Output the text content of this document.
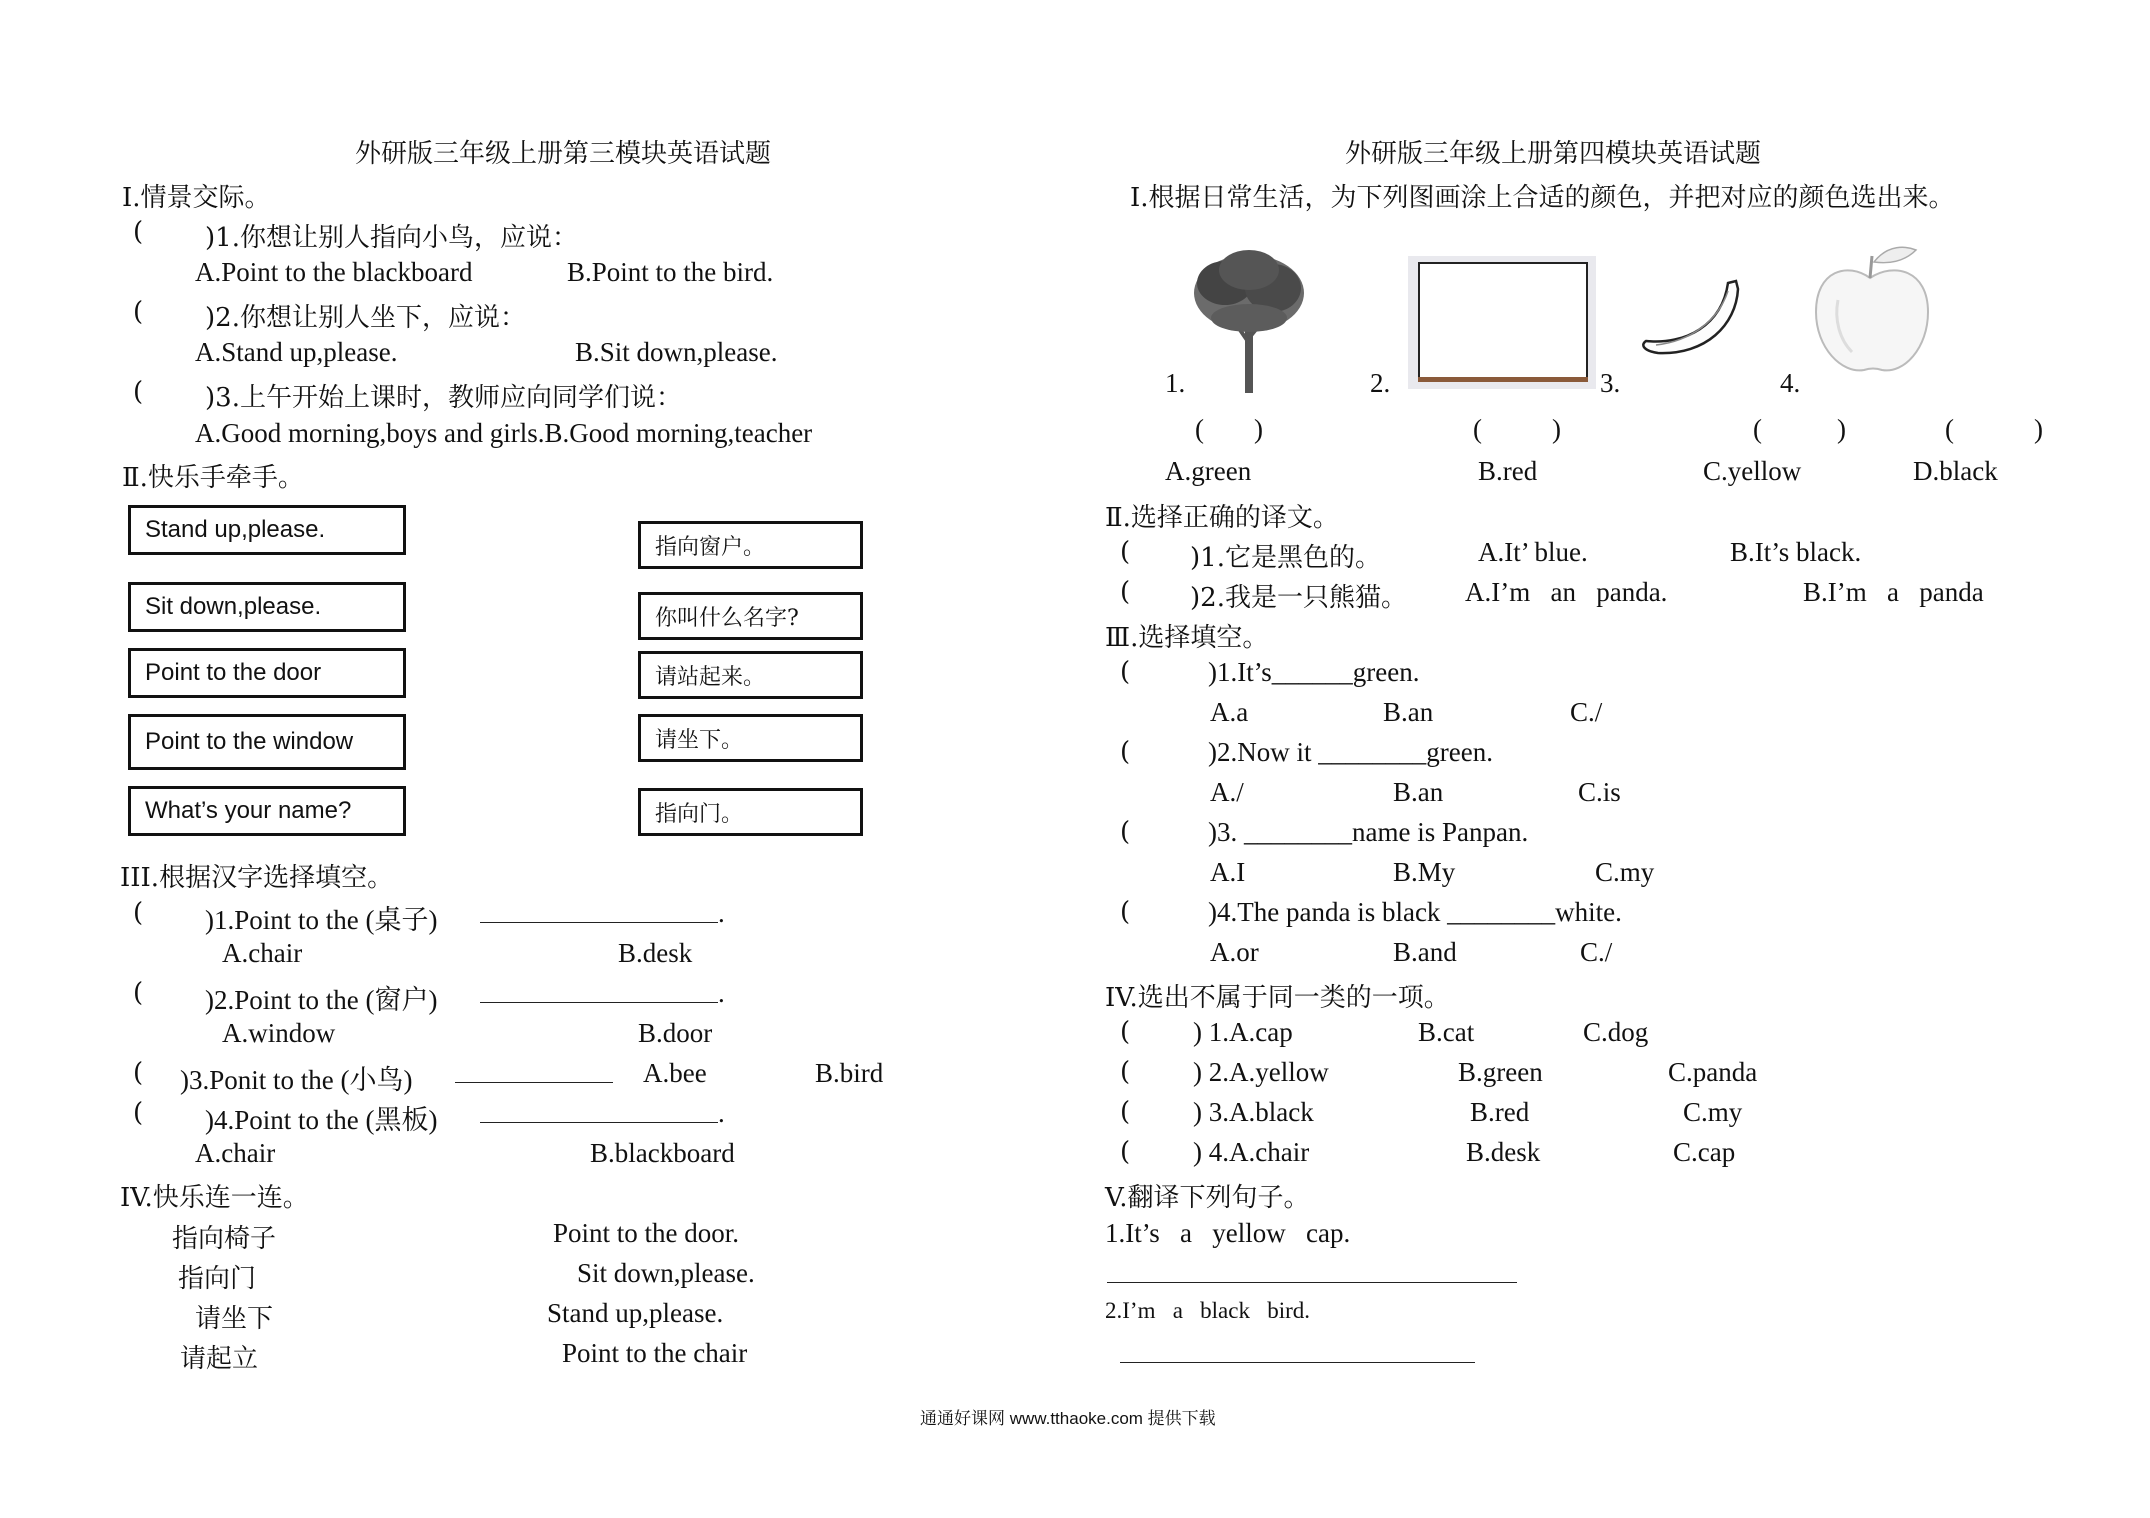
外研版三年级上册第三模块英语试题
Ⅰ.情景交际。
( )1.你想让别人指向小鸟，应说：
A.Point to the blackboard	B.Point to the bird.
( )2.你想让别人坐下，应说：
A.Stand up,please.	B.Sit down,please.
( )3.上午开始上课时，教师应向同学们说：
A.Good morning,boys and girls.B.Good morning,teacher
Ⅱ.快乐手牵手。
Stand up,please.
Sit down,please.
Point to the door
Point to the window
What’s your name?
指向窗户。
你叫什么名字?
请站起来。
请坐下。
指向门。
III.根据汉字选择填空。
( )1.Point to the (桌子)	.
A.chair	B.desk
( )2.Point to the (窗户)	.
A.window	B.door
( )3.Ponit to the (小鸟)	A.bee	B.bird
( )4.Point to the (黑板)	.
A.chair	B.blackboard
IV.快乐连一连。
指向椅子
指向门
请坐下
请起立
Point to the door.
Sit down,please.
Stand up,please.
Point to the chair
外研版三年级上册第四模块英语试题
Ⅰ.根据日常生活，为下列图画涂上合适的颜色，并把对应的颜色选出来。
1.	2.	3.	4.
( )	(	)	(	)	(	)
A.green	B.red	C.yellow	D.black
Ⅱ.选择正确的译文。
( )1.它是黑色的。	A.It’ blue.	B.It’s black.
( )2.我是一只熊猫。 A.I’m   an   panda.	B.I’m   a   panda
Ⅲ.选择填空。
(	)1.It’s______green.
A.a	B.an	C./
(	)2.Now it ________green.
A./	B.an	C.is
(	)3. ________name is Panpan.
A.I	B.My	C.my
(	)4.The panda is black ________white.
A.or	B.and	C./
IV.选出不属于同一类的一项。
( ) 1.A.cap	B.cat	C.dog
( ) 2.A.yellow	B.green	C.panda
( ) 3.A.black	B.red	C.my
( ) 4.A.chair	B.desk	C.cap
V.翻译下列句子。
1.It’s   a   yellow   cap.
2.I’m   a   black   bird.
通通好课网 www.tthaoke.com 提供下载
